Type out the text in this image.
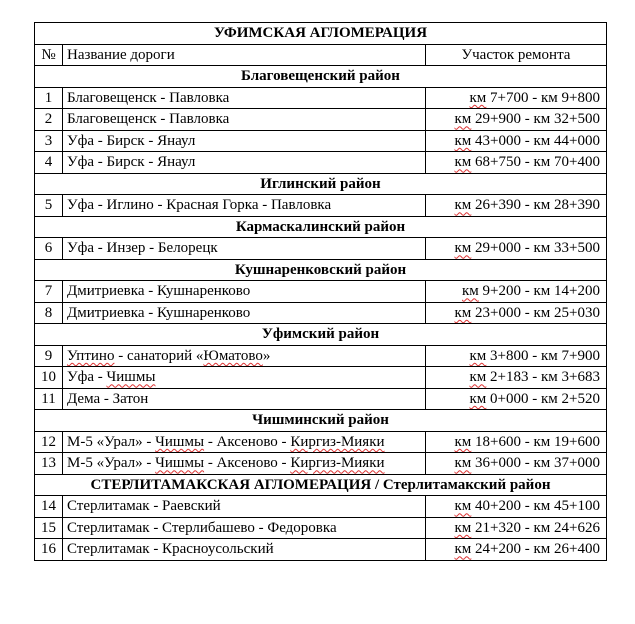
УФИМСКАЯ АГЛОМЕРАЦИЯ		
№	Название дороги	Участок ремонта
Благовещенский район		
1	Благовещенск - Павловка	км 7+700 - км 9+800
2	Благовещенск - Павловка	км 29+900 - км 32+500
3	Уфа - Бирск - Янаул	км 43+000 - км 44+000
4	Уфа - Бирск - Янаул	км 68+750 - км 70+400
Иглинский район		
5	Уфа - Иглино - Красная Горка - Павловка	км 26+390 - км 28+390
Кармаскалинский район		
6	Уфа - Инзер - Белорецк	км 29+000 - км 33+500
Кушнаренковский район		
7	Дмитриевка - Кушнаренково	км 9+200 - км 14+200
8	Дмитриевка - Кушнаренково	км 23+000 - км 25+030
Уфимский район		
9	Уптино - санаторий «Юматово»	км 3+800 - км 7+900
10	Уфа - Чишмы	км 2+183 - км 3+683
11	Дема - Затон	км 0+000 - км 2+520
Чишминский район		
12	М-5 «Урал» - Чишмы - Аксеново - Киргиз-Мияки	км 18+600 - км 19+600
13	М-5 «Урал» - Чишмы - Аксеново - Киргиз-Мияки	км 36+000 - км 37+000
СТЕРЛИТАМАКСКАЯ АГЛОМЕРАЦИЯ / Стерлитамакский район		
14	Стерлитамак - Раевский	км 40+200 - км 45+100
15	Стерлитамак - Стерлибашево - Федоровка	км 21+320 - км 24+626
16	Стерлитамак - Красноусольский	км 24+200 - км 26+400
